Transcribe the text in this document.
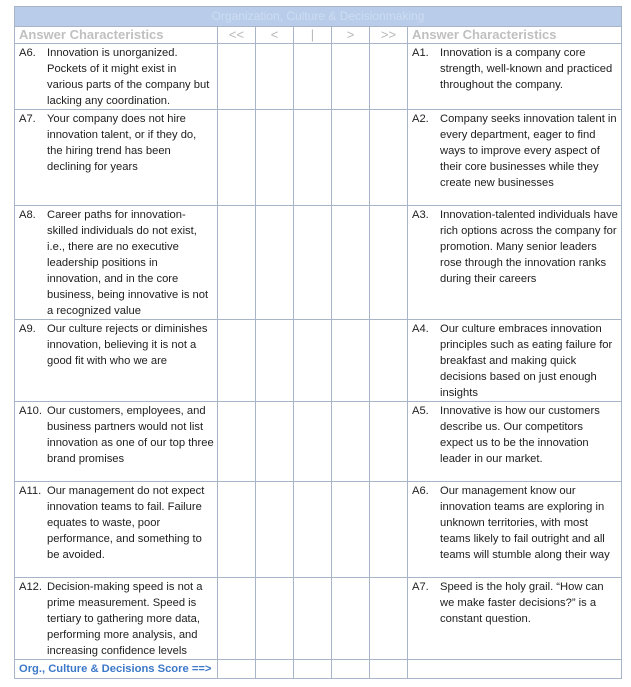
Organization, Culture & Decisionmaking						
Answer Characteristics	<<	<	|	>	>>	Answer Characteristics

A6. Innovation is unorganized. Pockets of it might exist in various parts of the company but lacking any coordination.						A1. Innovation is a company core strength, well-known and practiced throughout the company.

A7. Your company does not hire innovation talent, or if they do, the hiring trend has been declining for years						A2. Company seeks innovation talent in every department, eager to find ways to improve every aspect of their core businesses while they create new businesses

A8. Career paths for innovation-skilled individuals do not exist, i.e., there are no executive leadership positions in innovation, and in the core business, being innovative is not a recognized value						A3. Innovation-talented individuals have rich options across the company for promotion. Many senior leaders rose through the innovation ranks during their careers

A9. Our culture rejects or diminishes innovation, believing it is not a good fit with who we are						A4. Our culture embraces innovation principles such as eating failure for breakfast and making quick decisions based on just enough insights

A10. Our customers, employees, and business partners would not list innovation as one of our top three brand promises						A5. Innovative is how our customers describe us. Our competitors expect us to be the innovation leader in our market.

A11. Our management do not expect innovation teams to fail. Failure equates to waste, poor performance, and something to be avoided.						A6. Our management know our innovation teams are exploring in unknown territories, with most teams likely to fail outright and all teams will stumble along their way

A12. Decision-making speed is not a prime measurement. Speed is tertiary to gathering more data, performing more analysis, and increasing confidence levels						A7. Speed is the holy grail. “How can we make faster decisions?” is a constant question.

Org., Culture & Decisions Score ==>						
